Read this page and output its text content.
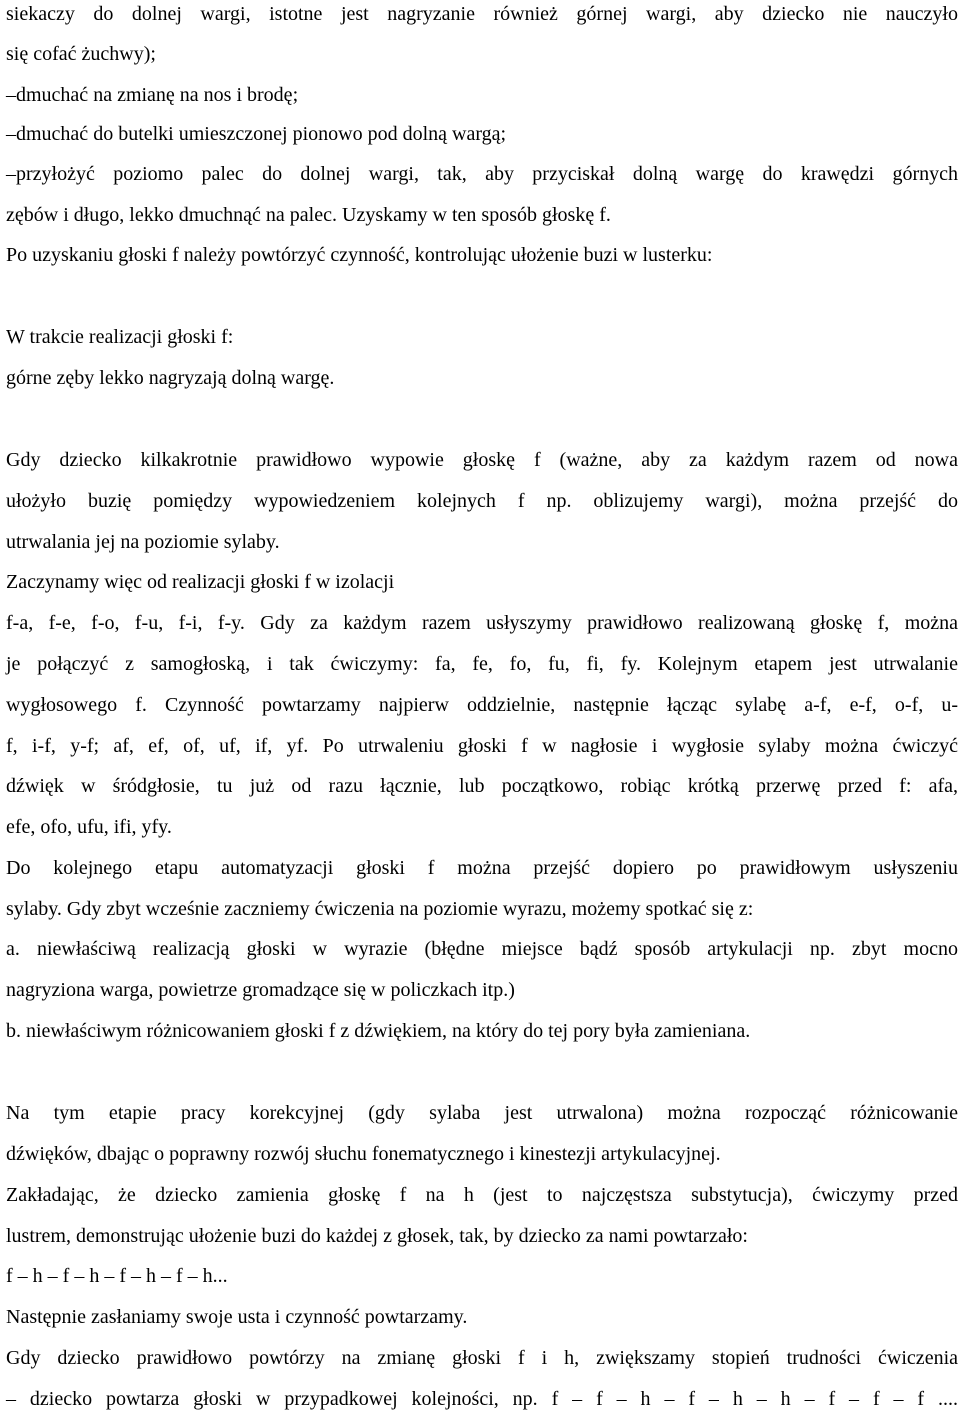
siekaczy do dolnej wargi, istotne jest nagryzanie również górnej wargi, aby dziecko nie nauczyło
się cofać żuchwy);
–dmuchać na zmianę na nos i brodę;
–dmuchać do butelki umieszczonej pionowo pod dolną wargą;
–przyłożyć poziomo palec do dolnej wargi, tak, aby przyciskał dolną wargę do krawędzi górnych
zębów i długo, lekko dmuchnąć na palec. Uzyskamy w ten sposób głoskę f.
Po uzyskaniu głoski f należy powtórzyć czynność, kontrolując ułożenie buzi w lusterku:
W trakcie realizacji głoski f:
górne zęby lekko nagryzają dolną wargę.
Gdy dziecko kilkakrotnie prawidłowo wypowie głoskę f (ważne, aby za każdym razem od nowa
ułożyło buzię pomiędzy wypowiedzeniem kolejnych f np. oblizujemy wargi), można przejść do
utrwalania jej na poziomie sylaby.
Zaczynamy więc od realizacji głoski f w izolacji
f-a, f-e, f-o, f-u, f-i, f-y. Gdy za każdym razem usłyszymy prawidłowo realizowaną głoskę f, można
je połączyć z samogłoską, i tak ćwiczymy: fa, fe, fo, fu, fi, fy. Kolejnym etapem jest utrwalanie
wygłosowego f. Czynność powtarzamy najpierw oddzielnie, następnie łącząc sylabę a-f, e-f, o-f, u-
f, i-f, y-f; af, ef, of, uf, if, yf. Po utrwaleniu głoski f w nagłosie i wygłosie sylaby można ćwiczyć
dźwięk w śródgłosie, tu już od razu łącznie, lub początkowo, robiąc krótką przerwę przed f: afa,
efe, ofo, ufu, ifi, yfy.
Do kolejnego etapu automatyzacji głoski f można przejść dopiero po prawidłowym usłyszeniu
sylaby. Gdy zbyt wcześnie zaczniemy ćwiczenia na poziomie wyrazu, możemy spotkać się z:
a. niewłaściwą realizacją głoski w wyrazie (błędne miejsce bądź sposób artykulacji np. zbyt mocno
nagryziona warga, powietrze gromadzące się w policzkach itp.)
b. niewłaściwym różnicowaniem głoski f z dźwiękiem, na który do tej pory była zamieniana.
Na tym etapie pracy korekcyjnej (gdy sylaba jest utrwalona) można rozpocząć różnicowanie
dźwięków, dbając o poprawny rozwój słuchu fonematycznego i kinestezji artykulacyjnej.
Zakładając, że dziecko zamienia głoskę f na h (jest to najczęstsza substytucja), ćwiczymy przed
lustrem, demonstrując ułożenie buzi do każdej z głosek, tak, by dziecko za nami powtarzało:
f – h – f – h – f – h – f – h...
Następnie zasłaniamy swoje usta i czynność powtarzamy.
Gdy dziecko prawidłowo powtórzy na zmianę głoski f i h, zwiększamy stopień trudności ćwiczenia
– dziecko powtarza głoski w przypadkowej kolejności, np. f – f – h – f – h – h – f – f – f ....
